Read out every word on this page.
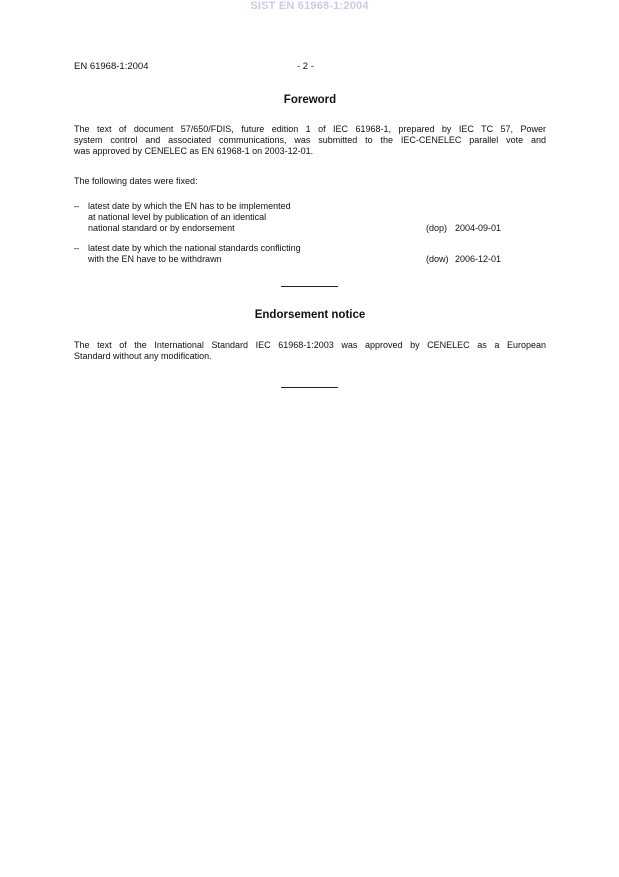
SIST EN 61968-1:2004
EN 61968-1:2004	- 2 -
Foreword

The text of document 57/650/FDIS, future edition 1 of IEC 61968-1, prepared by IEC TC 57, Power
system control and associated communications, was submitted to the IEC-CENELEC parallel vote and
was approved by CENELEC as EN 61968-1 on 2003-12-01.

The following dates were fixed:

– latest date by which the EN has to be implemented
at national level by publication of an identical
national standard or by endorsement	(dop) 2004-09-01
– latest date by which the national standards conflicting
with the EN have to be withdrawn	(dow) 2006-12-01
Endorsement notice

The text of the International Standard IEC 61968-1:2003 was approved by CENELEC as a European
Standard without any modification.
